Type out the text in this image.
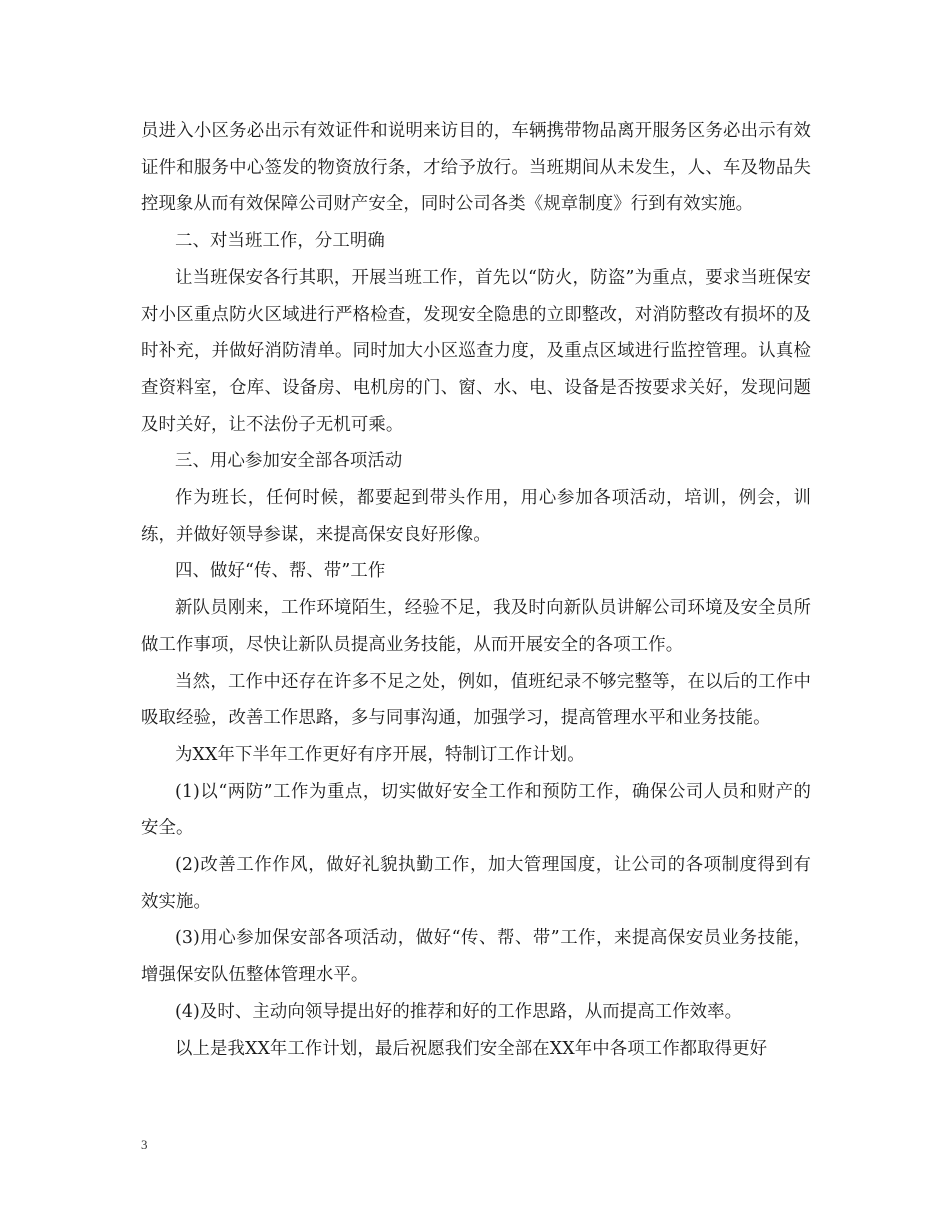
员进入小区务必出示有效证件和说明来访目的，车辆携带物品离开服务区务必出示有效证件和服务中心签发的物资放行条，才给予放行。当班期间从未发生，人、车及物品失控现象从而有效保障公司财产安全，同时公司各类《规章制度》行到有效实施。

二、对当班工作，分工明确

让当班保安各行其职，开展当班工作，首先以“防火，防盗”为重点，要求当班保安对小区重点防火区域进行严格检查，发现安全隐患的立即整改，对消防整改有损坏的及时补充，并做好消防清单。同时加大小区巡查力度，及重点区域进行监控管理。认真检查资料室，仓库、设备房、电机房的门、窗、水、电、设备是否按要求关好，发现问题及时关好，让不法份子无机可乘。

三、用心参加安全部各项活动

作为班长，任何时候，都要起到带头作用，用心参加各项活动，培训，例会，训练，并做好领导参谋，来提高保安良好形像。

四、做好“传、帮、带”工作

新队员刚来，工作环境陌生，经验不足，我及时向新队员讲解公司环境及安全员所做工作事项，尽快让新队员提高业务技能，从而开展安全的各项工作。

当然，工作中还存在许多不足之处，例如，值班纪录不够完整等，在以后的工作中吸取经验，改善工作思路，多与同事沟通，加强学习，提高管理水平和业务技能。

为XX年下半年工作更好有序开展，特制订工作计划。

(1)以“两防”工作为重点，切实做好安全工作和预防工作，确保公司人员和财产的安全。

(2)改善工作作风，做好礼貌执勤工作，加大管理国度，让公司的各项制度得到有效实施。

(3)用心参加保安部各项活动，做好“传、帮、带”工作，来提高保安员业务技能，增强保安队伍整体管理水平。

(4)及时、主动向领导提出好的推荐和好的工作思路，从而提高工作效率。

以上是我XX年工作计划，最后祝愿我们安全部在XX年中各项工作都取得更好

3
